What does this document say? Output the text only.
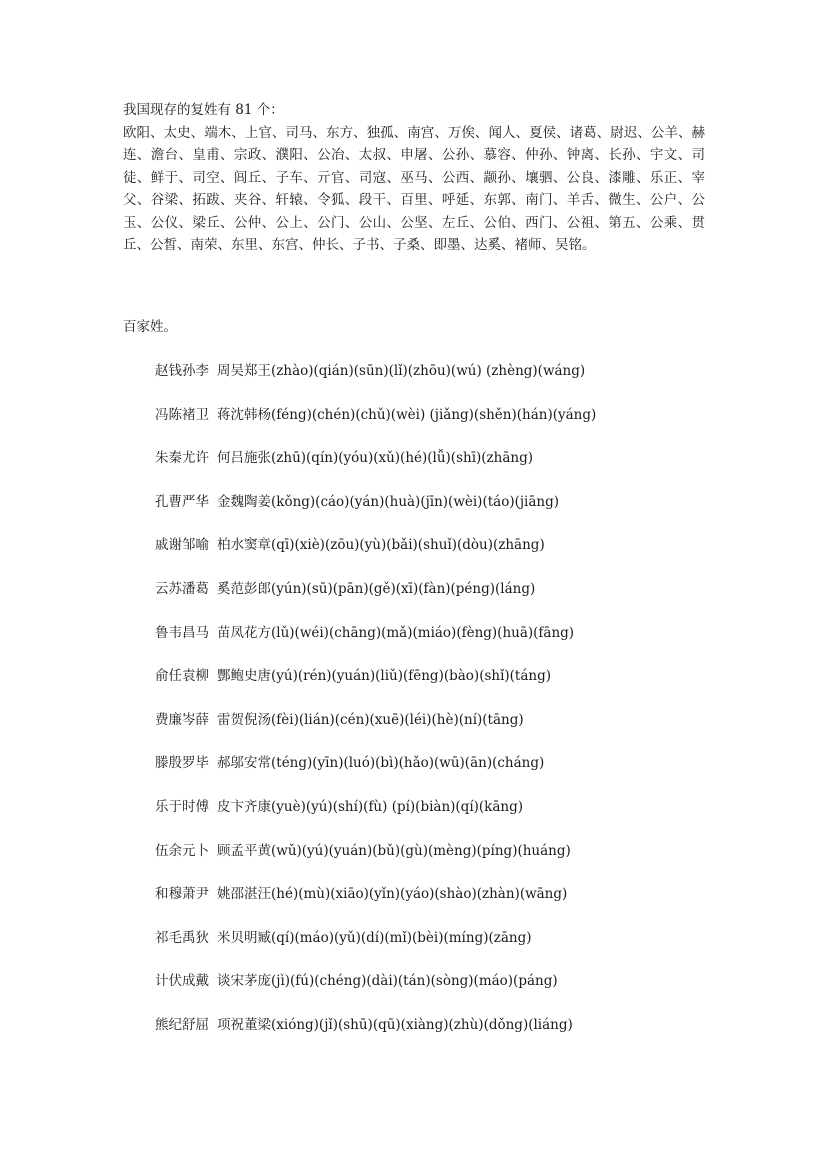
我国现存的复姓有 81 个：

欧阳、太史、端木、上官、司马、东方、独孤、南宫、万俟、闻人、夏侯、诸葛、尉迟、公羊、赫连、澹台、皇甫、宗政、濮阳、公冶、太叔、申屠、公孙、慕容、仲孙、钟离、长孙、宇文、司徒、鲜于、司空、闾丘、子车、亓官、司寇、巫马、公西、颛孙、壤驷、公良、漆雕、乐正、宰父、谷梁、拓跋、夹谷、轩辕、令狐、段干、百里、呼延、东郭、南门、羊舌、微生、公户、公玉、公仪、梁丘、公仲、公上、公门、公山、公坚、左丘、公伯、西门、公祖、第五、公乘、贯丘、公皙、南荣、东里、东宫、仲长、子书、子桑、即墨、达奚、褚师、吴铭。

百家姓。

赵钱孙李 周吴郑王(zhào)(qián)(sūn)(lǐ)(zhōu)(wú) (zhèng)(wáng)
冯陈褚卫 蒋沈韩杨(féng)(chén)(chǔ)(wèi) (jiǎng)(shěn)(hán)(yáng)
朱秦尤许 何吕施张(zhū)(qín)(yóu)(xǔ)(hé)(lǚ)(shī)(zhāng)
孔曹严华 金魏陶姜(kǒng)(cáo)(yán)(huà)(jīn)(wèi)(táo)(jiāng)
戚谢邹喻 柏水窦章(qī)(xiè)(zōu)(yù)(bǎi)(shuǐ)(dòu)(zhāng)
云苏潘葛 奚范彭郎(yún)(sū)(pān)(gě)(xī)(fàn)(péng)(láng)
鲁韦昌马 苗凤花方(lǔ)(wéi)(chāng)(mǎ)(miáo)(fèng)(huā)(fāng)
俞任袁柳 酆鲍史唐(yú)(rén)(yuán)(liǔ)(fēng)(bào)(shǐ)(táng)
费廉岑薛 雷贺倪汤(fèi)(lián)(cén)(xuē)(léi)(hè)(ní)(tāng)
滕殷罗毕 郝邬安常(téng)(yīn)(luó)(bì)(hǎo)(wū)(ān)(cháng)
乐于时傅 皮卞齐康(yuè)(yú)(shí)(fù) (pí)(biàn)(qí)(kāng)
伍余元卜 顾孟平黄(wǔ)(yú)(yuán)(bǔ)(gù)(mèng)(píng)(huáng)
和穆萧尹 姚邵湛汪(hé)(mù)(xiāo)(yǐn)(yáo)(shào)(zhàn)(wāng)
祁毛禹狄 米贝明臧(qí)(máo)(yǔ)(dí)(mǐ)(bèi)(míng)(zāng)
计伏成戴 谈宋茅庞(jì)(fú)(chéng)(dài)(tán)(sòng)(máo)(páng)
熊纪舒屈 项祝董梁(xióng)(jǐ)(shū)(qū)(xiàng)(zhù)(dǒng)(liáng)
